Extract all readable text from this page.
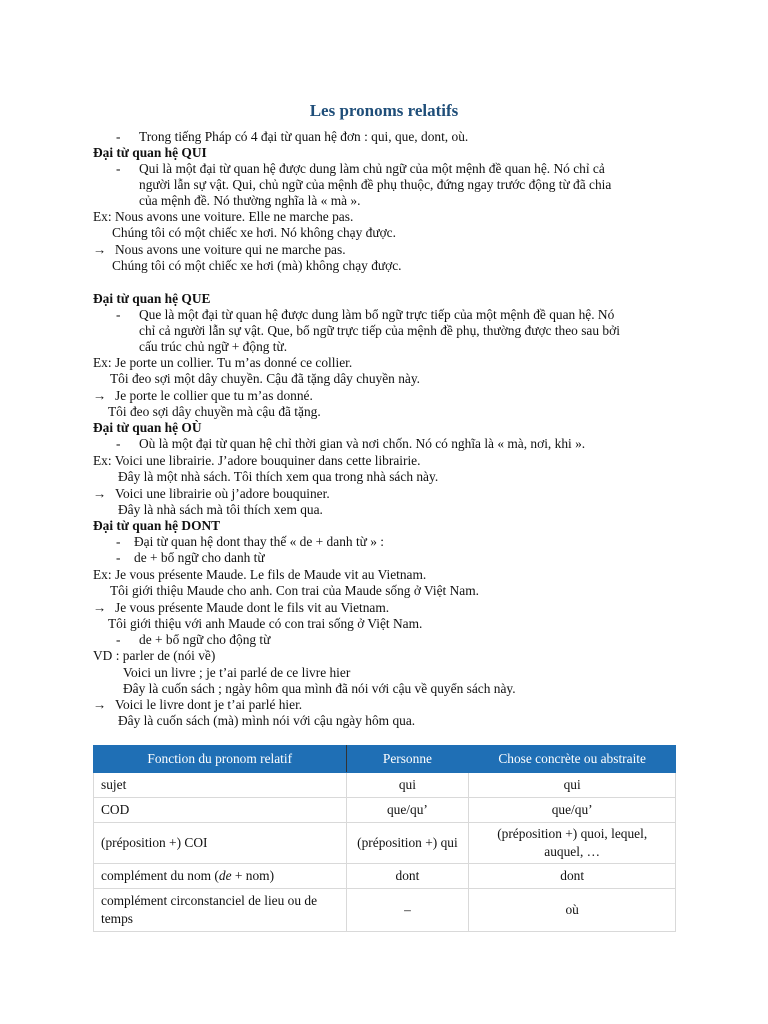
Les pronoms relatifs
- Trong tiếng Pháp có 4 đại từ quan hệ đơn : qui, que, dont, où.
Đại từ quan hệ QUI
- Qui là một đại từ quan hệ được dung làm chủ ngữ của một mệnh đề quan hệ. Nó chỉ cả
người lẫn sự vật. Qui, chủ ngữ của mệnh đề phụ thuộc, đứng ngay trước động từ đã chia
của mệnh đề. Nó thường nghĩa là « mà ».
Ex: Nous avons une voiture. Elle ne marche pas.
Chúng tôi có một chiếc xe hơi. Nó không chạy được.
→ Nous avons une voiture qui ne marche pas.
Chúng tôi có một chiếc xe hơi (mà) không chạy được.
Đại từ quan hệ QUE
- Que là một đại từ quan hệ được dung làm bổ ngữ trực tiếp của một mệnh đề quan hệ. Nó
chỉ cả người lẫn sự vật. Que, bổ ngữ trực tiếp của mệnh đề phụ, thường được theo sau bởi
cấu trúc chủ ngữ + động từ.
Ex: Je porte un collier. Tu m’as donné ce collier.
Tôi đeo sợi một dây chuyền. Cậu đã tặng dây chuyền này.
→ Je porte le collier que tu m’as donné.
Tôi đeo sợi dây chuyền mà cậu đã tặng.
Đại từ quan hệ OÙ
- Où là một đại từ quan hệ chỉ thời gian và nơi chốn. Nó có nghĩa là « mà, nơi, khi ».
Ex: Voici une librairie. J’adore bouquiner dans cette librairie.
Đây là một nhà sách. Tôi thích xem qua trong nhà sách này.
→ Voici une librairie où j’adore bouquiner.
Đây là nhà sách mà tôi thích xem qua.
Đại từ quan hệ DONT
- Đại từ quan hệ dont thay thế « de + danh từ » :
- de + bổ ngữ cho danh từ
Ex: Je vous présente Maude. Le fils de Maude vit au Vietnam.
Tôi giới thiệu Maude cho anh. Con trai của Maude sống ở Việt Nam.
→ Je vous présente Maude dont le fils vit au Vietnam.
Tôi giới thiệu với anh Maude có con trai sống ở Việt Nam.
- de + bổ ngữ cho động từ
VD : parler de (nói về)
Voici un livre ; je t’ai parlé de ce livre hier
Đây là cuốn sách ; ngày hôm qua mình đã nói với cậu về quyển sách này.
→ Voici le livre dont je t’ai parlé hier.
Đây là cuốn sách (mà) mình nói với cậu ngày hôm qua.
Fonction du pronom relatif	Personne	Chose concrète ou abstraite
sujet	qui	qui
COD	que/qu’	que/qu’
(préposition +) COI	(préposition +) qui	(préposition +) quoi, lequel, auquel, …
complément du nom (de + nom)	dont	dont
complément circonstanciel de lieu ou de temps	–	où
